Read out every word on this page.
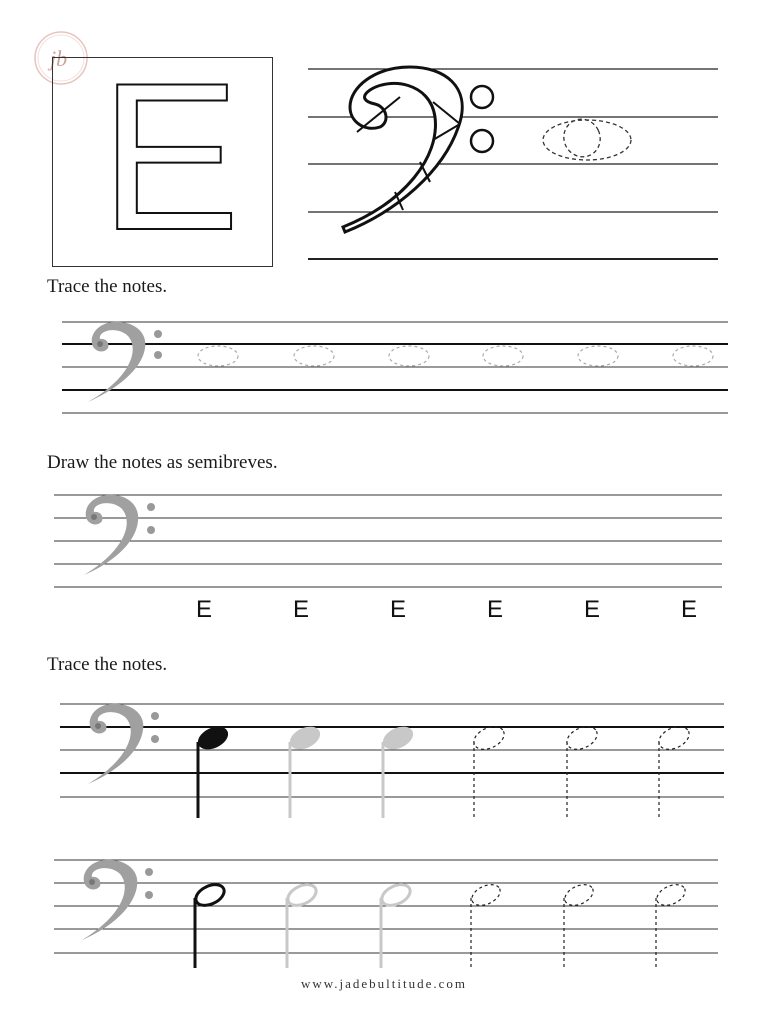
jb E
Trace the notes.
Draw the notes as semibreves.
E	E	E	E	E	E
Trace the notes.
www.jadebultitude.com
